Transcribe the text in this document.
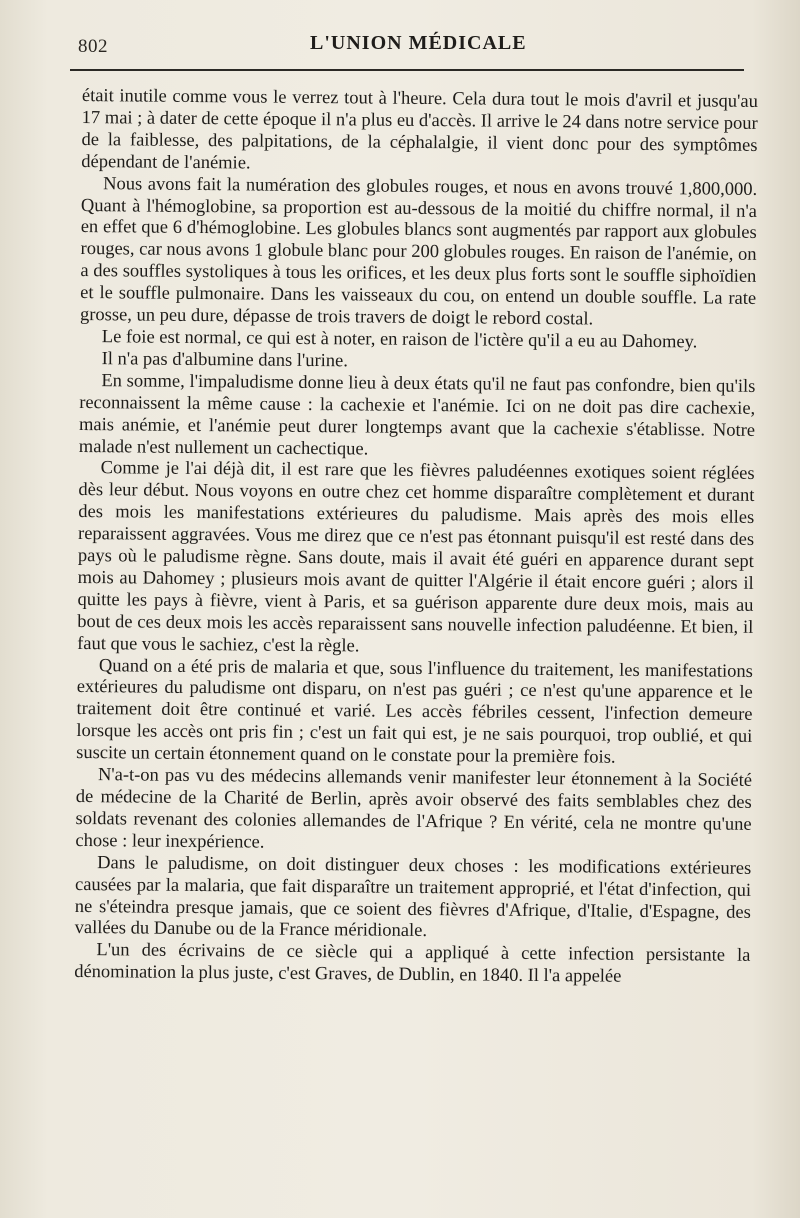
802	L'UNION MÉDICALE

était inutile comme vous le verrez tout à l'heure. Cela dura tout le mois d'avril et jusqu'au 17 mai ; à dater de cette époque il n'a plus eu d'accès. Il arrive le 24 dans notre service pour de la faiblesse, des palpitations, de la céphalalgie, il vient donc pour des symptômes dépendant de l'anémie.

Nous avons fait la numération des globules rouges, et nous en avons trouvé 1,800,000. Quant à l'hémoglobine, sa proportion est au-dessous de la moitié du chiffre normal, il n'a en effet que 6 d'hémoglobine. Les globules blancs sont augmentés par rapport aux globules rouges, car nous avons 1 globule blanc pour 200 globules rouges. En raison de l'anémie, on a des souffles systoliques à tous les orifices, et les deux plus forts sont le souffle siphoïdien et le souffle pulmonaire. Dans les vaisseaux du cou, on entend un double souffle. La rate grosse, un peu dure, dépasse de trois travers de doigt le rebord costal.

Le foie est normal, ce qui est à noter, en raison de l'ictère qu'il a eu au Dahomey.

Il n'a pas d'albumine dans l'urine.

En somme, l'impaludisme donne lieu à deux états qu'il ne faut pas confondre, bien qu'ils reconnaissent la même cause : la cachexie et l'anémie. Ici on ne doit pas dire cachexie, mais anémie, et l'anémie peut durer longtemps avant que la cachexie s'établisse. Notre malade n'est nullement un cachectique.

Comme je l'ai déjà dit, il est rare que les fièvres paludéennes exotiques soient réglées dès leur début. Nous voyons en outre chez cet homme disparaître complètement et durant des mois les manifestations extérieures du paludisme. Mais après des mois elles reparaissent aggravées. Vous me direz que ce n'est pas étonnant puisqu'il est resté dans des pays où le paludisme règne. Sans doute, mais il avait été guéri en apparence durant sept mois au Dahomey ; plusieurs mois avant de quitter l'Algérie il était encore guéri ; alors il quitte les pays à fièvre, vient à Paris, et sa guérison apparente dure deux mois, mais au bout de ces deux mois les accès reparaissent sans nouvelle infection paludéenne. Et bien, il faut que vous le sachiez, c'est la règle.

Quand on a été pris de malaria et que, sous l'influence du traitement, les manifestations extérieures du paludisme ont disparu, on n'est pas guéri ; ce n'est qu'une apparence et le traitement doit être continué et varié. Les accès fébriles cessent, l'infection demeure lorsque les accès ont pris fin ; c'est un fait qui est, je ne sais pourquoi, trop oublié, et qui suscite un certain étonnement quand on le constate pour la première fois.

N'a-t-on pas vu des médecins allemands venir manifester leur étonnement à la Société de médecine de la Charité de Berlin, après avoir observé des faits semblables chez des soldats revenant des colonies allemandes de l'Afrique ? En vérité, cela ne montre qu'une chose : leur inexpérience.

Dans le paludisme, on doit distinguer deux choses : les modifications extérieures causées par la malaria, que fait disparaître un traitement approprié, et l'état d'infection, qui ne s'éteindra presque jamais, que ce soient des fièvres d'Afrique, d'Italie, d'Espagne, des vallées du Danube ou de la France méridionale.

L'un des écrivains de ce siècle qui a appliqué à cette infection persistante la dénomination la plus juste, c'est Graves, de Dublin, en 1840. Il l'a appelée
